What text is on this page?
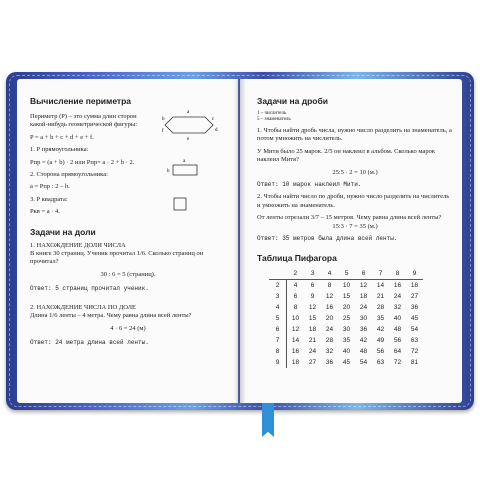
Вычисление периметра

Периметр (Р) – это сумма длин сторон какой-нибудь геометрической фигуры:

a
b	c
d
e
f

P = a + b + c + d + e + f.

1. Р прямоугольника:

Pпр = (a + b) · 2 или Pпр= a · 2 + b · 2.

2. Сторона прямоугольника:

a
b

a = Pпр : 2 – b.

3. Р квадрата:

Pкв = a · 4.

Задачи на доли

1. НАХОЖДЕНИЕ ДОЛИ ЧИСЛА

В книге 30 страниц. Ученик прочитал 1/6. Сколько страниц он прочитал?

30 : 6 = 5 (страниц).

Ответ: 5 страниц прочитал ученик.

2. НАХОЖДЕНИЕ ЧИСЛА ПО ДОЛЕ

Длина 1/6 ленты – 4 метра. Чему равна длина всей ленты?

4 · 6 = 24 (м)

Ответ: 24 метра длина всей ленты.

Задачи на дроби

1 – числитель

5 – знаменатель

1. Чтобы найти дробь числа, нужно число разделить на знаменатель, а потом умножить на числитель.

У Мити было 25 марок. 2/5 он наклеил в альбом. Сколько марок наклеил Митя?

25:5 · 2 = 10 (м.)

Ответ: 10 марок наклеил Мити.

2. Чтобы найти число по дроби, нужно число разделить на числитель и умножить на знаменатель.

От ленты отрезали 3/7 – 15 метров. Чему равна длина всей ленты?

15:3 · 7 = 35 (м.)

Ответ: 35 метров была длина всей ленты.

Таблица Пифагора
	2	3	4	5	6	7	8	9
2	4	6	8	10	12	14	16	18
3	6	9	12	15	18	21	24	27
4	8	12	16	20	24	28	32	36
5	10	15	20	25	30	35	40	45
6	12	18	24	30	36	42	48	54
7	14	21	28	35	42	49	56	63
8	16	24	32	40	48	56	64	72
9	18	27	36	45	54	63	72	81
